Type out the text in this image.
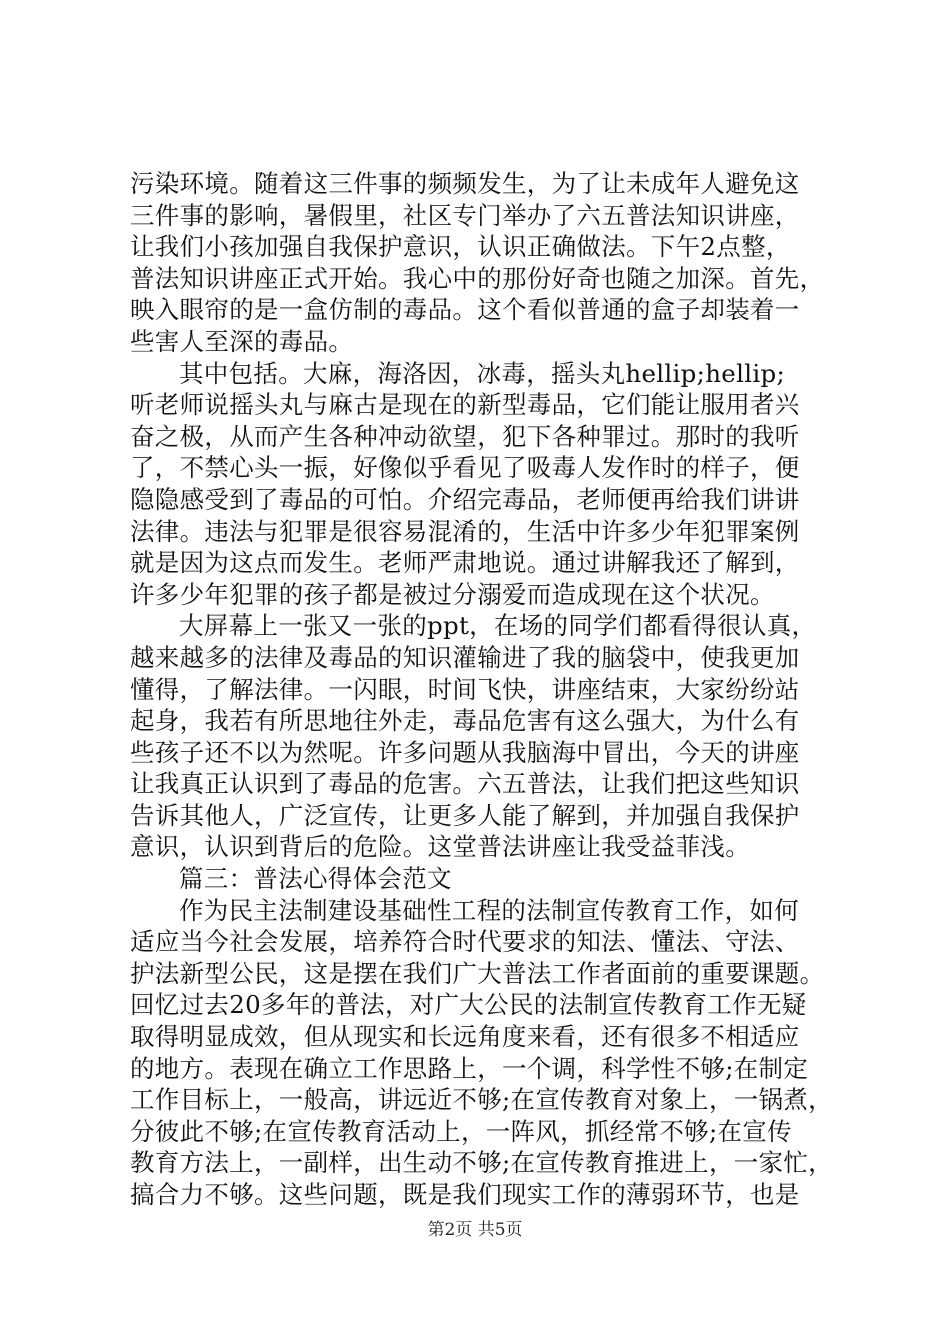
污染环境。随着这三件事的频频发生，为了让未成年人避免这
三件事的影响，暑假里，社区专门举办了六五普法知识讲座，
让我们小孩加强自我保护意识，认识正确做法。下午2点整，
普法知识讲座正式开始。我心中的那份好奇也随之加深。首先，
映入眼帘的是一盒仿制的毒品。这个看似普通的盒子却装着一
些害人至深的毒品。
其中包括。大麻，海洛因，冰毒，摇头丸hellip;hellip;
听老师说摇头丸与麻古是现在的新型毒品，它们能让服用者兴
奋之极，从而产生各种冲动欲望，犯下各种罪过。那时的我听
了，不禁心头一振，好像似乎看见了吸毒人发作时的样子，便
隐隐感受到了毒品的可怕。介绍完毒品，老师便再给我们讲讲
法律。违法与犯罪是很容易混淆的，生活中许多少年犯罪案例
就是因为这点而发生。老师严肃地说。通过讲解我还了解到，
许多少年犯罪的孩子都是被过分溺爱而造成现在这个状况。
大屏幕上一张又一张的ppt，在场的同学们都看得很认真，
越来越多的法律及毒品的知识灌输进了我的脑袋中，使我更加
懂得，了解法律。一闪眼，时间飞快，讲座结束，大家纷纷站
起身，我若有所思地往外走，毒品危害有这么强大，为什么有
些孩子还不以为然呢。许多问题从我脑海中冒出，今天的讲座
让我真正认识到了毒品的危害。六五普法，让我们把这些知识
告诉其他人，广泛宣传，让更多人能了解到，并加强自我保护
意识，认识到背后的危险。这堂普法讲座让我受益菲浅。
篇三：普法心得体会范文
作为民主法制建设基础性工程的法制宣传教育工作，如何
适应当今社会发展，培养符合时代要求的知法、懂法、守法、
护法新型公民，这是摆在我们广大普法工作者面前的重要课题。
回忆过去20多年的普法，对广大公民的法制宣传教育工作无疑
取得明显成效，但从现实和长远角度来看，还有很多不相适应
的地方。表现在确立工作思路上，一个调，科学性不够;在制定
工作目标上，一般高，讲远近不够;在宣传教育对象上，一锅煮，
分彼此不够;在宣传教育活动上，一阵风，抓经常不够;在宣传
教育方法上，一副样，出生动不够;在宣传教育推进上，一家忙，
搞合力不够。这些问题，既是我们现实工作的薄弱环节，也是
第2页 共5页
